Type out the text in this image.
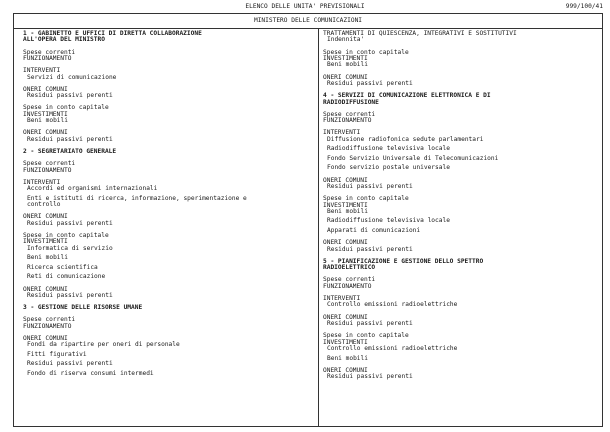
ELENCO DELLE UNITA' PREVISIONALI	999/100/41
MINISTERO DELLE COMUNICAZIONI
1 - GABINETTO E UFFICI DI DIRETTA COLLABORAZIONE
ALL'OPERA DEL MINISTRO
Spese correnti
FUNZIONAMENTO
INTERVENTI
Servizi di comunicazione
ONERI COMUNI
Residui passivi perenti
Spese in conto capitale
INVESTIMENTI
Beni mobili
ONERI COMUNI
Residui passivi perenti
2 - SEGRETARIATO GENERALE
Spese correnti
FUNZIONAMENTO
INTERVENTI
Accordi ed organismi internazionali
Enti e istituti di ricerca, informazione, sperimentazione e
controllo
ONERI COMUNI
Residui passivi perenti
Spese in conto capitale
INVESTIMENTI
Informatica di servizio
Beni mobili
Ricerca scientifica
Reti di comunicazione
ONERI COMUNI
Residui passivi perenti
3 - GESTIONE DELLE RISORSE UMANE
Spese correnti
FUNZIONAMENTO
ONERI COMUNI
Fondi da ripartire per oneri di personale
Fitti figurativi
Residui passivi perenti
Fondo di riserva consumi intermedi
TRATTAMENTI DI QUIESCENZA, INTEGRATIVI E SOSTITUTIVI
Indennita'
Spese in conto capitale
INVESTIMENTI
Beni mobili
ONERI COMUNI
Residui passivi perenti
4 - SERVIZI DI COMUNICAZIONE ELETTRONICA E DI
RADIODIFFUSIONE
Spese correnti
FUNZIONAMENTO
INTERVENTI
Diffusione radiofonica sedute parlamentari
Radiodiffusione televisiva locale
Fondo Servizio Universale di Telecomunicazioni
Fondo servizio postale universale
ONERI COMUNI
Residui passivi perenti
Spese in conto capitale
INVESTIMENTI
Beni mobili
Radiodiffusione televisiva locale
Apparati di comunicazioni
ONERI COMUNI
Residui passivi perenti
5 - PIANIFICAZIONE E GESTIONE DELLO SPETTRO
RADIOELETTRICO
Spese correnti
FUNZIONAMENTO
INTERVENTI
Controllo emissioni radioelettriche
ONERI COMUNI
Residui passivi perenti
Spese in conto capitale
INVESTIMENTI
Controllo emissioni radioelettriche
Beni mobili
ONERI COMUNI
Residui passivi perenti
